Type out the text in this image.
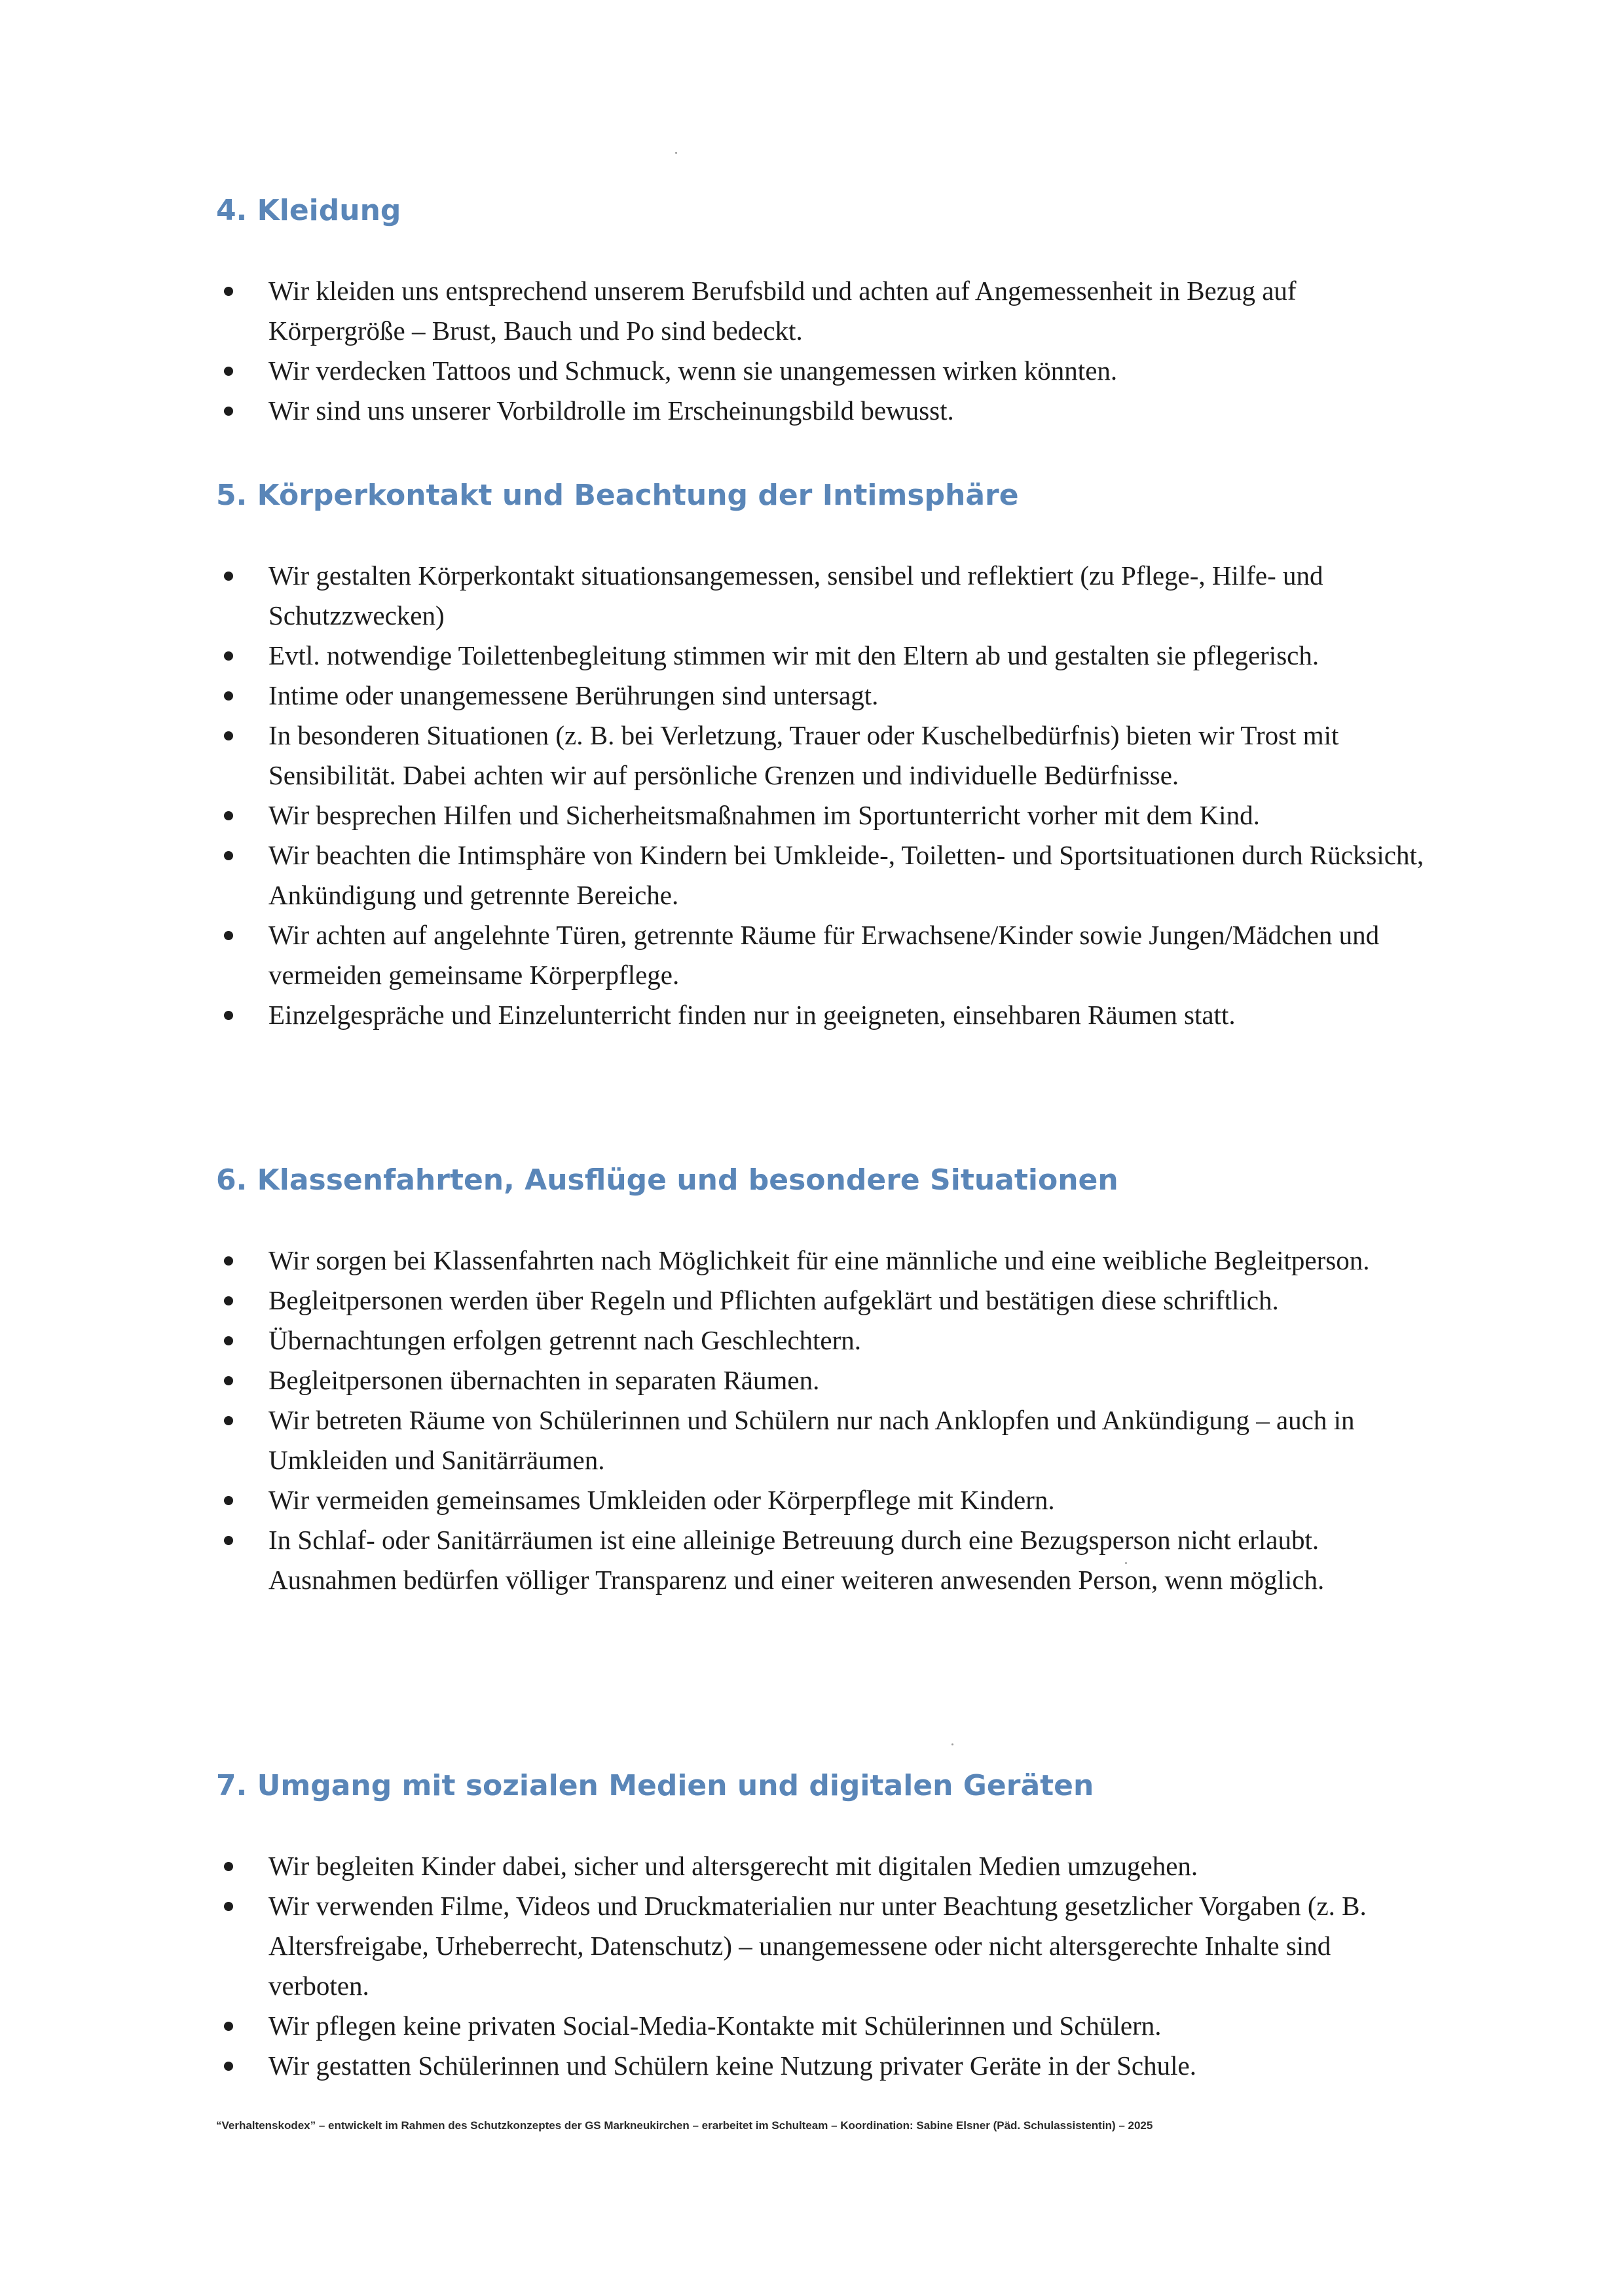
4. Kleidung
Wir kleiden uns entsprechend unserem Berufsbild und achten auf Angemessenheit in Bezug auf Körpergröße – Brust, Bauch und Po sind bedeckt.
Wir verdecken Tattoos und Schmuck, wenn sie unangemessen wirken könnten.
Wir sind uns unserer Vorbildrolle im Erscheinungsbild bewusst.
5. Körperkontakt und Beachtung der Intimsphäre
Wir gestalten Körperkontakt situationsangemessen, sensibel und reflektiert (zu Pflege-, Hilfe- und Schutzzwecken)
Evtl. notwendige Toilettenbegleitung stimmen wir mit den Eltern ab und gestalten sie pflegerisch.
Intime oder unangemessene Berührungen sind untersagt.
In besonderen Situationen (z. B. bei Verletzung, Trauer oder Kuschelbedürfnis) bieten wir Trost mit Sensibilität. Dabei achten wir auf persönliche Grenzen und individuelle Bedürfnisse.
Wir besprechen Hilfen und Sicherheitsmaßnahmen im Sportunterricht vorher mit dem Kind.
Wir beachten die Intimsphäre von Kindern bei Umkleide-, Toiletten- und Sportsituationen durch Rücksicht, Ankündigung und getrennte Bereiche.
Wir achten auf angelehnte Türen, getrennte Räume für Erwachsene/Kinder sowie Jungen/Mädchen und vermeiden gemeinsame Körperpflege.
Einzelgespräche und Einzelunterricht finden nur in geeigneten, einsehbaren Räumen statt.
6. Klassenfahrten, Ausflüge und besondere Situationen
Wir sorgen bei Klassenfahrten nach Möglichkeit für eine männliche und eine weibliche Begleitperson.
Begleitpersonen werden über Regeln und Pflichten aufgeklärt und bestätigen diese schriftlich.
Übernachtungen erfolgen getrennt nach Geschlechtern.
Begleitpersonen übernachten in separaten Räumen.
Wir betreten Räume von Schülerinnen und Schülern nur nach Anklopfen und Ankündigung – auch in Umkleiden und Sanitärräumen.
Wir vermeiden gemeinsames Umkleiden oder Körperpflege mit Kindern.
In Schlaf- oder Sanitärräumen ist eine alleinige Betreuung durch eine Bezugsperson nicht erlaubt. Ausnahmen bedürfen völliger Transparenz und einer weiteren anwesenden Person, wenn möglich.
7. Umgang mit sozialen Medien und digitalen Geräten
Wir begleiten Kinder dabei, sicher und altersgerecht mit digitalen Medien umzugehen.
Wir verwenden Filme, Videos und Druckmaterialien nur unter Beachtung gesetzlicher Vorgaben (z. B. Altersfreigabe, Urheberrecht, Datenschutz) – unangemessene oder nicht altersgerechte Inhalte sind verboten.
Wir pflegen keine privaten Social-Media-Kontakte mit Schülerinnen und Schülern.
Wir gestatten Schülerinnen und Schülern keine Nutzung privater Geräte in der Schule.
“Verhaltenskodex” – entwickelt im Rahmen des Schutzkonzeptes der GS Markneukirchen – erarbeitet im Schulteam – Koordination: Sabine Elsner (Päd. Schulassistentin) – 2025
